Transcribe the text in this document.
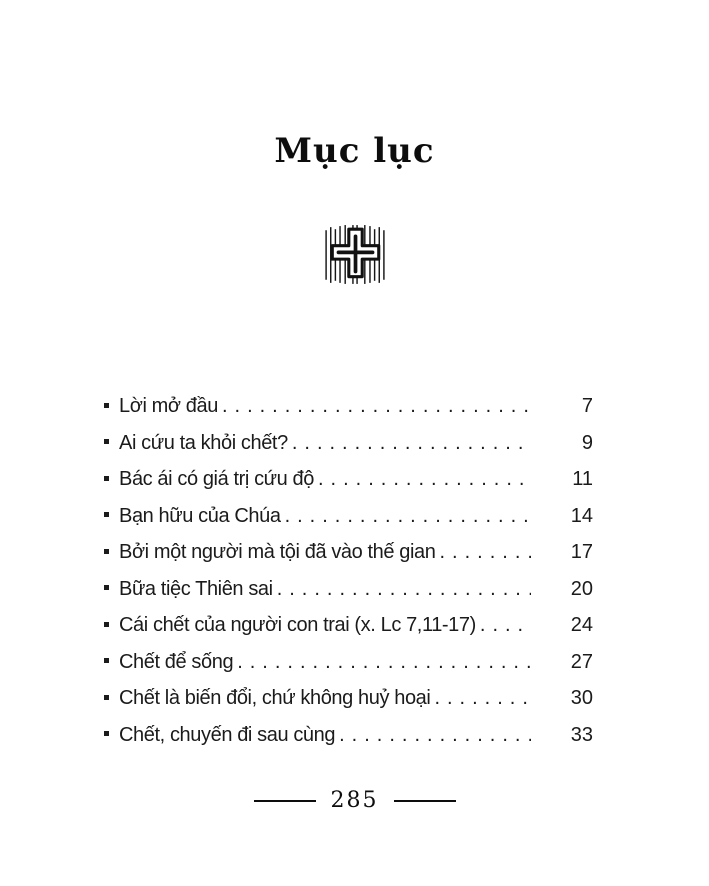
Mục lục
Lời mở đầu .....	7
Ai cứu ta khỏi chết? .....	9
Bác ái có giá trị cứu độ .....	11
Bạn hữu của Chúa .....	14
Bởi một người mà tội đã vào thế gian .....	17
Bữa tiệc Thiên sai .....	20
Cái chết của người con trai (x. Lc 7,11-17) .....	24
Chết để sống .....	27
Chết là biến đổi, chứ không huỷ hoại .....	30
Chết, chuyến đi sau cùng .....	33
285
